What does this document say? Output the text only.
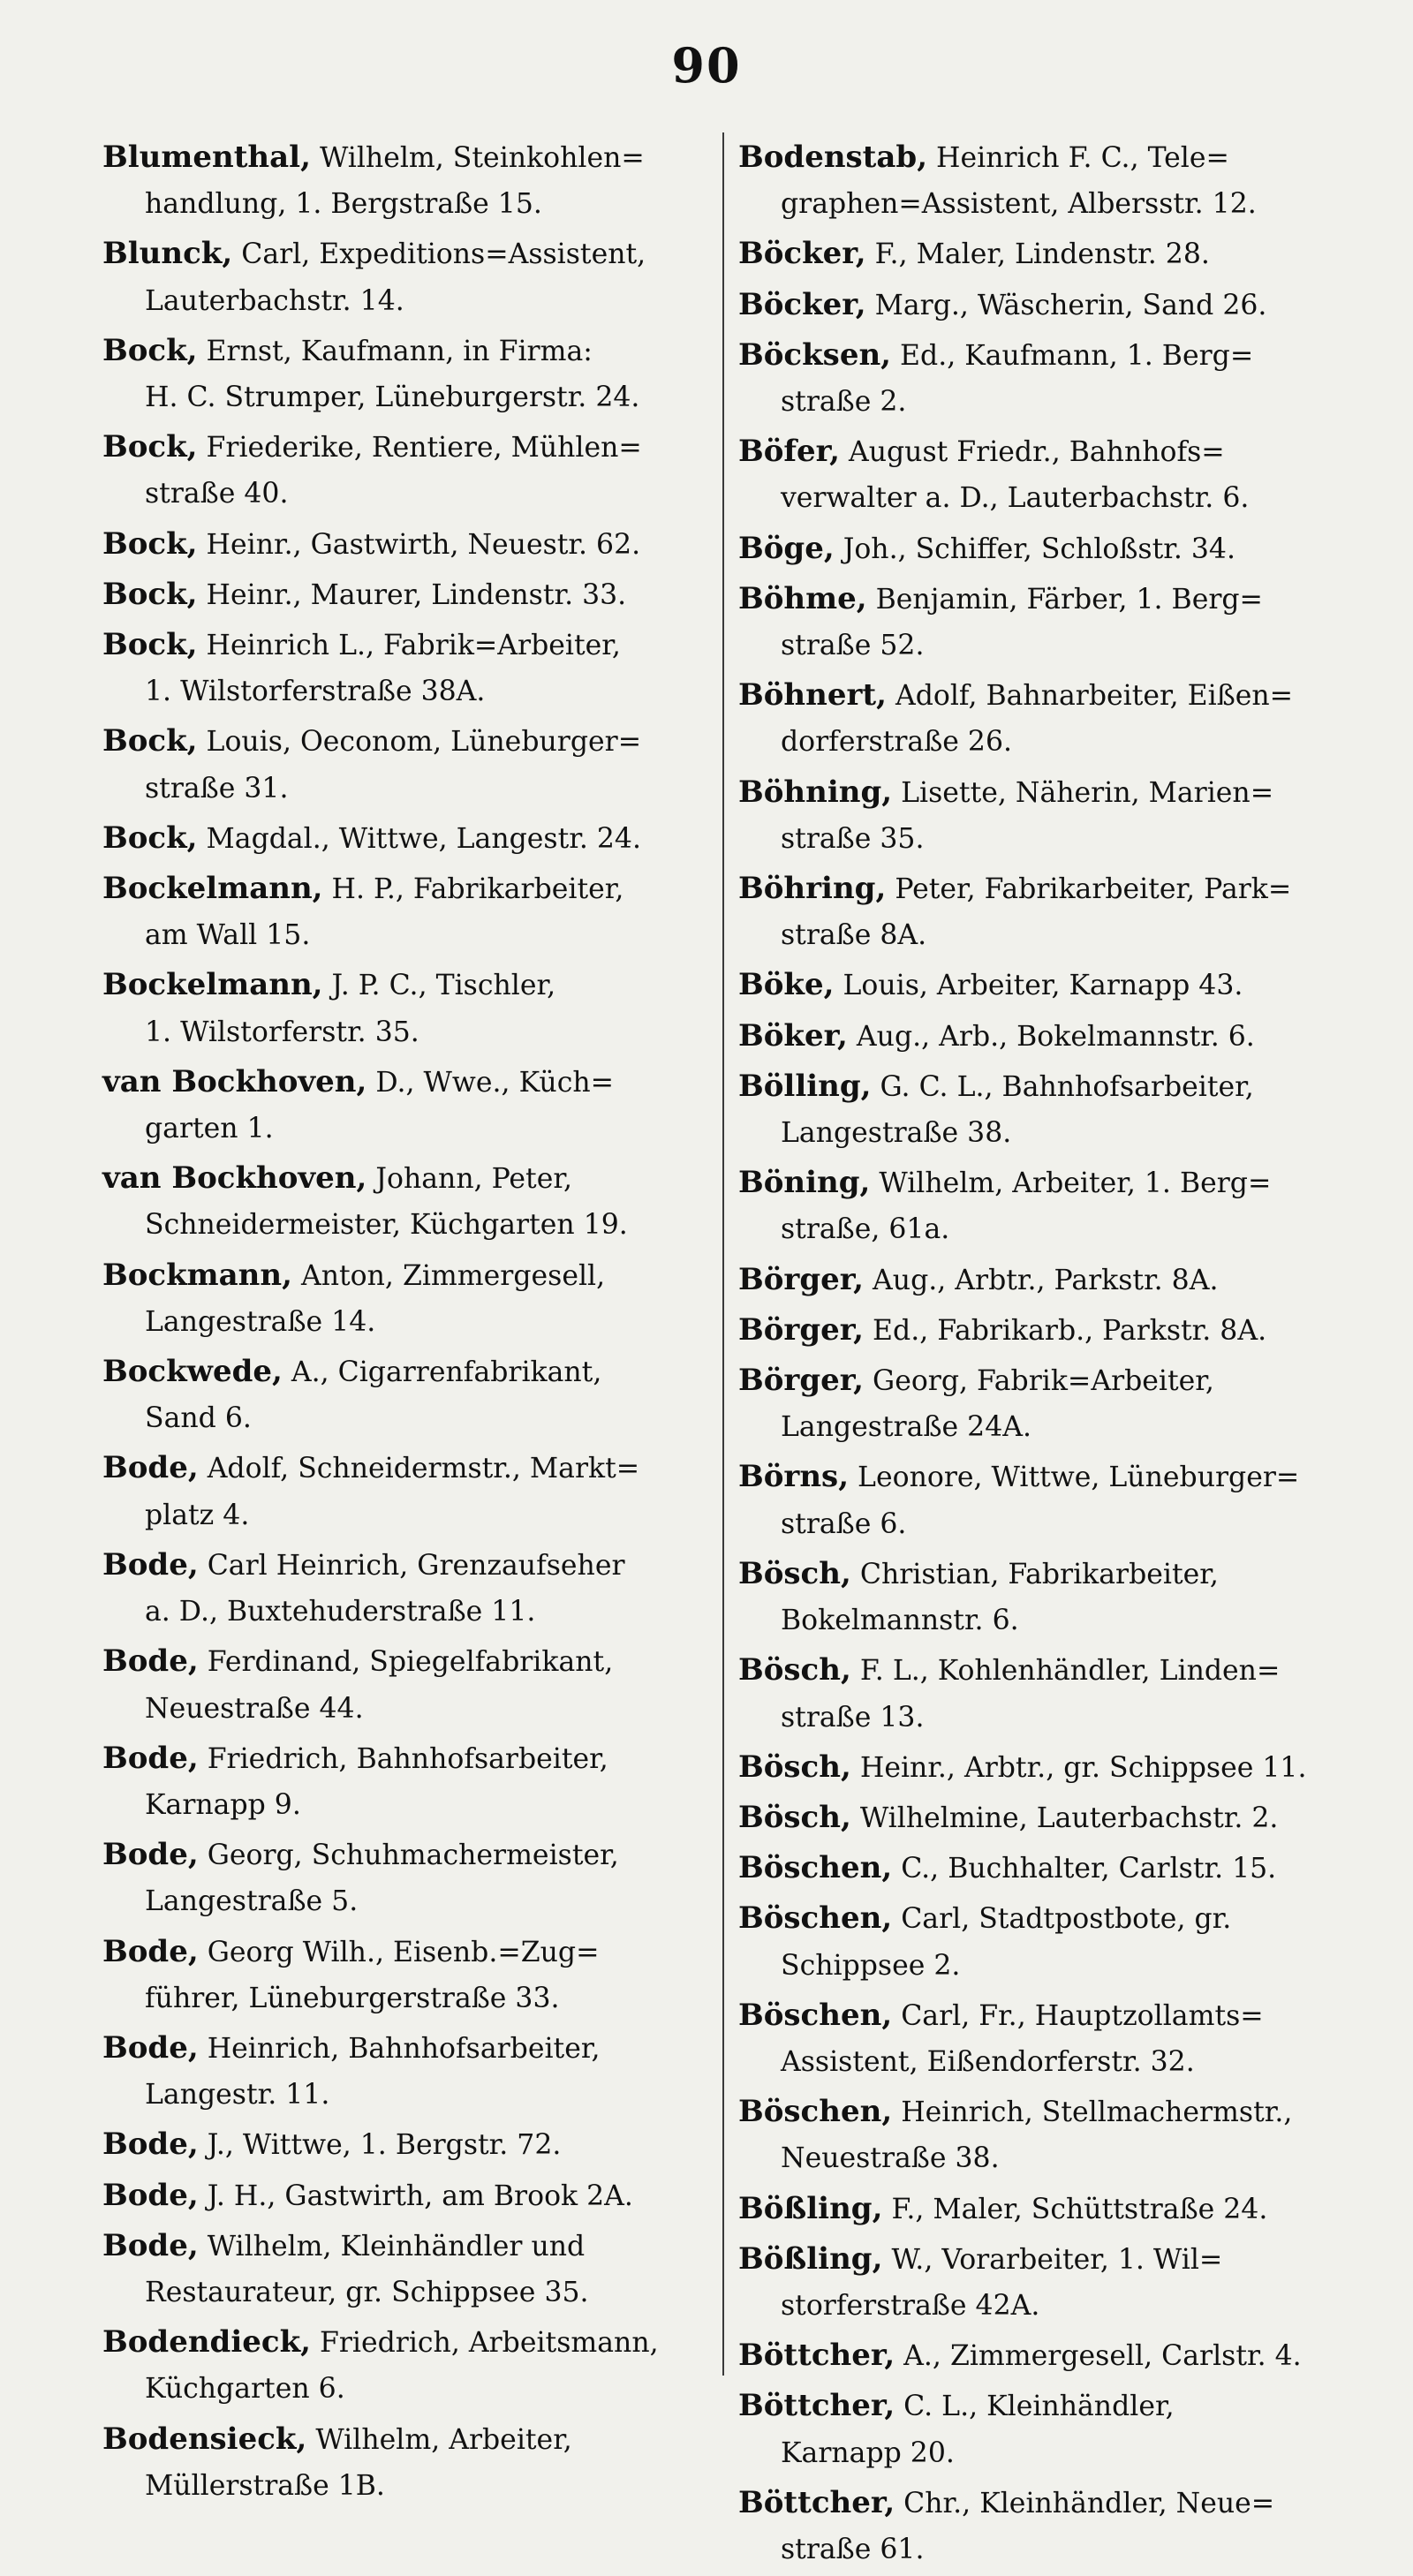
90

Blumenthal, Wilhelm, Steinkohlen=
handlung, 1. Bergstraße 15.

Blunck, Carl, Expeditions=Assistent,
Lauterbachstr. 14.

Bock, Ernst, Kaufmann, in Firma:
H. C. Strumper, Lüneburgerstr. 24.

Bock, Friederike, Rentiere, Mühlen=
straße 40.

Bock, Heinr., Gastwirth, Neuestr. 62.

Bock, Heinr., Maurer, Lindenstr. 33.

Bock, Heinrich L., Fabrik=Arbeiter,
1. Wilstorferstraße 38A.

Bock, Louis, Oeconom, Lüneburger=
straße 31.

Bock, Magdal., Wittwe, Langestr. 24.

Bockelmann, H. P., Fabrikarbeiter,
am Wall 15.

Bockelmann, J. P. C., Tischler,
1. Wilstorferstr. 35.

van Bockhoven, D., Wwe., Küch=
garten 1.

van Bockhoven, Johann, Peter,
Schneidermeister, Küchgarten 19.

Bockmann, Anton, Zimmergesell,
Langestraße 14.

Bockwede, A., Cigarrenfabrikant,
Sand 6.

Bode, Adolf, Schneidermstr., Markt=
platz 4.

Bode, Carl Heinrich, Grenzaufseher
a. D., Buxtehuderstraße 11.

Bode, Ferdinand, Spiegelfabrikant,
Neuestraße 44.

Bode, Friedrich, Bahnhofsarbeiter,
Karnapp 9.

Bode, Georg, Schuhmachermeister,
Langestraße 5.

Bode, Georg Wilh., Eisenb.=Zug=
führer, Lüneburgerstraße 33.

Bode, Heinrich, Bahnhofsarbeiter,
Langestr. 11.

Bode, J., Wittwe, 1. Bergstr. 72.

Bode, J. H., Gastwirth, am Brook 2A.

Bode, Wilhelm, Kleinhändler und
Restaurateur, gr. Schippsee 35.

Bodendieck, Friedrich, Arbeitsmann,
Küchgarten 6.

Bodensieck, Wilhelm, Arbeiter,
Müllerstraße 1B.

Bodenstab, Heinrich F. C., Tele=
graphen=Assistent, Albersstr. 12.

Böcker, F., Maler, Lindenstr. 28.

Böcker, Marg., Wäscherin, Sand 26.

Böcksen, Ed., Kaufmann, 1. Berg=
straße 2.

Böfer, August Friedr., Bahnhofs=
verwalter a. D., Lauterbachstr. 6.

Böge, Joh., Schiffer, Schloßstr. 34.

Böhme, Benjamin, Färber, 1. Berg=
straße 52.

Böhnert, Adolf, Bahnarbeiter, Eißen=
dorferstraße 26.

Böhning, Lisette, Näherin, Marien=
straße 35.

Böhring, Peter, Fabrikarbeiter, Park=
straße 8A.

Böke, Louis, Arbeiter, Karnapp 43.

Böker, Aug., Arb., Bokelmannstr. 6.

Bölling, G. C. L., Bahnhofsarbeiter,
Langestraße 38.

Böning, Wilhelm, Arbeiter, 1. Berg=
straße, 61a.

Börger, Aug., Arbtr., Parkstr. 8A.

Börger, Ed., Fabrikarb., Parkstr. 8A.

Börger, Georg, Fabrik=Arbeiter,
Langestraße 24A.

Börns, Leonore, Wittwe, Lüneburger=
straße 6.

Bösch, Christian, Fabrikarbeiter,
Bokelmannstr. 6.

Bösch, F. L., Kohlenhändler, Linden=
straße 13.

Bösch, Heinr., Arbtr., gr. Schippsee 11.

Bösch, Wilhelmine, Lauterbachstr. 2.

Böschen, C., Buchhalter, Carlstr. 15.

Böschen, Carl, Stadtpostbote, gr.
Schippsee 2.

Böschen, Carl, Fr., Hauptzollamts=
Assistent, Eißendorferstr. 32.

Böschen, Heinrich, Stellmachermstr.,
Neuestraße 38.

Bößling, F., Maler, Schüttstraße 24.

Bößling, W., Vorarbeiter, 1. Wil=
storferstraße 42A.

Böttcher, A., Zimmergesell, Carlstr. 4.

Böttcher, C. L., Kleinhändler,
Karnapp 20.

Böttcher, Chr., Kleinhändler, Neue=
straße 61.
